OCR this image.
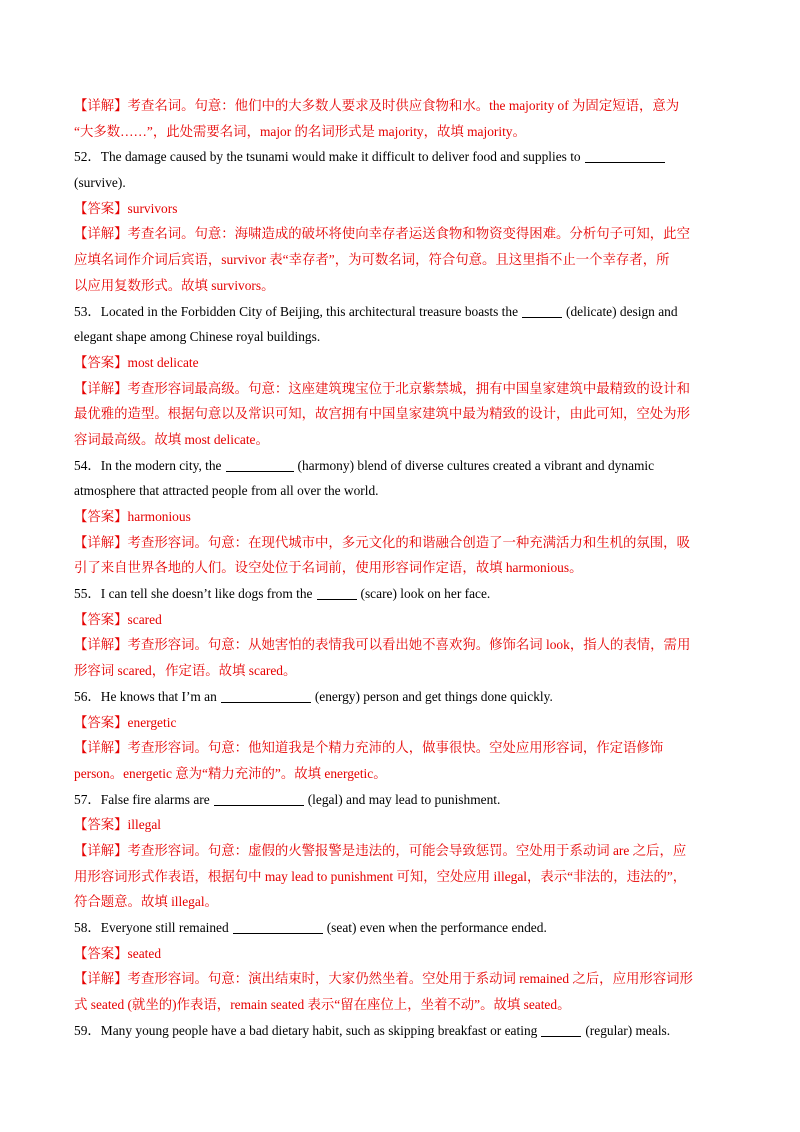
【详解】考查名词。句意：他们中的大多数人要求及时供应食物和水。the majority of 为固定短语，意为
“大多数……”，此处需要名词，major 的名词形式是 majority，故填 majority。
52．The damage caused by the tsunami would make it difficult to deliver food and supplies to
(survive).
【答案】survivors
【详解】考查名词。句意：海啸造成的破坏将使向幸存者运送食物和物资变得困难。分析句子可知，此空
应填名词作介词后宾语，survivor 表“幸存者”，为可数名词，符合句意。且这里指不止一个幸存者，所
以应用复数形式。故填 survivors。
53．Located in the Forbidden City of Beijing, this architectural treasure boasts the	(delicate) design and
elegant shape among Chinese royal buildings.
【答案】most delicate
【详解】考查形容词最高级。句意：这座建筑瑰宝位于北京紫禁城，拥有中国皇家建筑中最精致的设计和
最优雅的造型。根据句意以及常识可知，故宫拥有中国皇家建筑中最为精致的设计，由此可知，空处为形
容词最高级。故填 most delicate。
54．In the modern city, the	(harmony) blend of diverse cultures created a vibrant and dynamic
atmosphere that attracted people from all over the world.
【答案】harmonious
【详解】考查形容词。句意：在现代城市中，多元文化的和谐融合创造了一种充满活力和生机的氛围，吸
引了来自世界各地的人们。设空处位于名词前，使用形容词作定语，故填 harmonious。
55．I can tell she doesn’t like dogs from the	(scare) look on her face.
【答案】scared
【详解】考查形容词。句意：从她害怕的表情我可以看出她不喜欢狗。修饰名词 look，指人的表情，需用
形容词 scared，作定语。故填 scared。
56．He knows that I’m an	(energy) person and get things done quickly.
【答案】energetic
【详解】考查形容词。句意：他知道我是个精力充沛的人，做事很快。空处应用形容词，作定语修饰
person。energetic 意为“精力充沛的”。故填 energetic。
57．False fire alarms are	(legal) and may lead to punishment.
【答案】illegal
【详解】考查形容词。句意：虚假的火警报警是违法的，可能会导致惩罚。空处用于系动词 are 之后，应
用形容词形式作表语，根据句中 may lead to punishment 可知，空处应用 illegal，表示“非法的，违法的”，
符合题意。故填 illegal。
58．Everyone still remained	(seat) even when the performance ended.
【答案】seated
【详解】考查形容词。句意：演出结束时，大家仍然坐着。空处用于系动词 remained 之后，应用形容词形
式 seated (就坐的)作表语，remain seated 表示“留在座位上，坐着不动”。故填 seated。
59．Many young people have a bad dietary habit, such as skipping breakfast or eating	(regular) meals.
